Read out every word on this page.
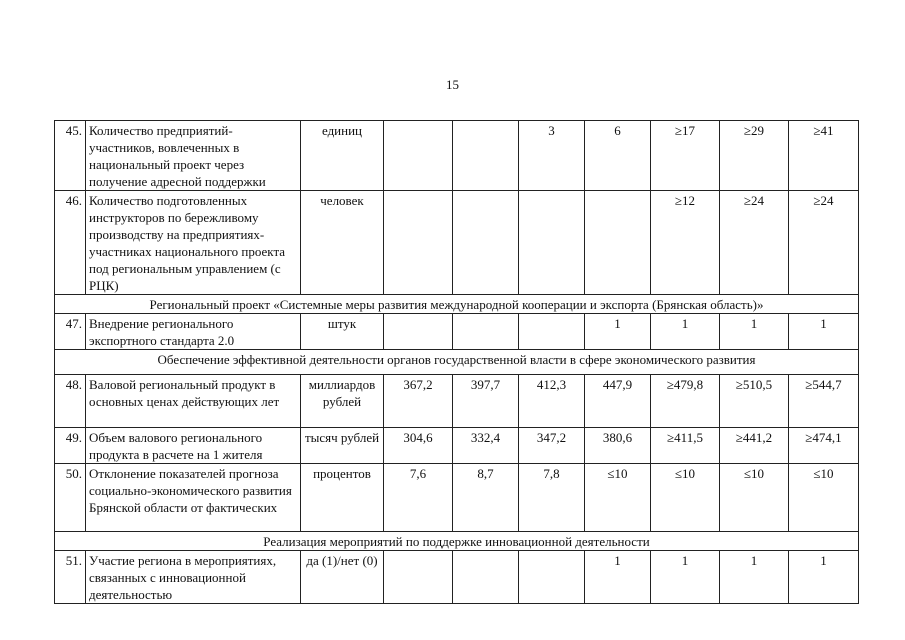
15
45.	Количество предприятий-участников, вовлеченных в национальный проект через получение адресной поддержки	единиц			3	6	≥17	≥29	≥41
46.	Количество подготовленных инструкторов по бережливому производству на предприятиях-участниках национального проекта под региональным управлением (с РЦК)	человек					≥12	≥24	≥24
Региональный проект «Системные меры развития международной кооперации и экспорта (Брянская область)»									
47.	Внедрение регионального экспортного стандарта 2.0	штук				1	1	1	1
Обеспечение эффективной деятельности органов государственной власти в сфере экономического развития									
48.	Валовой региональный продукт в основных ценах действующих лет	миллиардов рублей	367,2	397,7	412,3	447,9	≥479,8	≥510,5	≥544,7
49.	Объем валового регионального продукта в расчете на 1 жителя	тысяч рублей	304,6	332,4	347,2	380,6	≥411,5	≥441,2	≥474,1
50.	Отклонение показателей прогноза социально-экономического развития Брянской области от фактических	процентов	7,6	8,7	7,8	≤10	≤10	≤10	≤10
Реализация мероприятий по поддержке инновационной деятельности									
51.	Участие региона в мероприятиях, связанных с инновационной деятельностью	да (1)/нет (0)				1	1	1	1
